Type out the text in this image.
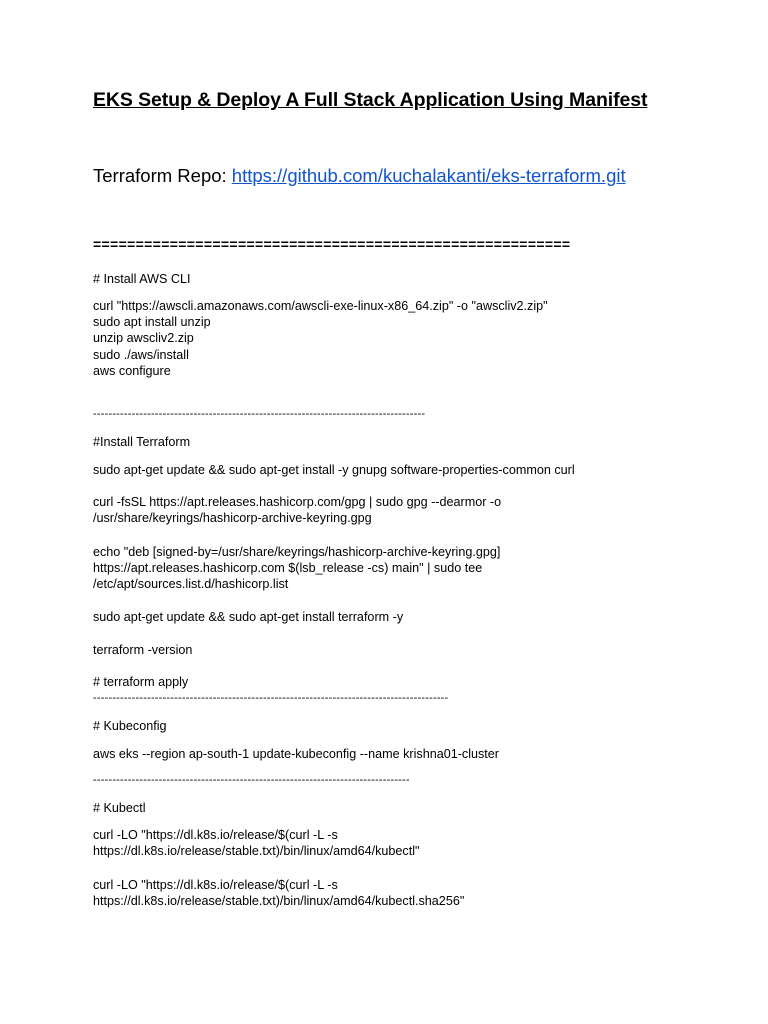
EKS Setup & Deploy A Full Stack Application Using Manifest
Terraform Repo: https://github.com/kuchalakanti/eks-terraform.git
========================================================
# Install AWS CLI
curl "https://awscli.amazonaws.com/awscli-exe-linux-x86_64.zip" -o "awscliv2.zip"
sudo apt install unzip
unzip awscliv2.zip
sudo ./aws/install
aws configure
--------------------------------------------------------------------------------------
#Install Terraform
sudo apt-get update && sudo apt-get install -y gnupg software-properties-common curl
curl -fsSL https://apt.releases.hashicorp.com/gpg | sudo gpg --dearmor -o
/usr/share/keyrings/hashicorp-archive-keyring.gpg
echo "deb [signed-by=/usr/share/keyrings/hashicorp-archive-keyring.gpg]
https://apt.releases.hashicorp.com $(lsb_release -cs) main" | sudo tee
/etc/apt/sources.list.d/hashicorp.list
sudo apt-get update && sudo apt-get install terraform -y
terraform -version
# terraform apply
--------------------------------------------------------------------------------------------
# Kubeconfig
aws eks --region ap-south-1 update-kubeconfig --name krishna01-cluster
----------------------------------------------------------------------------------
# Kubectl
curl -LO "https://dl.k8s.io/release/$(curl -L -s
https://dl.k8s.io/release/stable.txt)/bin/linux/amd64/kubectl"
curl -LO "https://dl.k8s.io/release/$(curl -L -s
https://dl.k8s.io/release/stable.txt)/bin/linux/amd64/kubectl.sha256"
